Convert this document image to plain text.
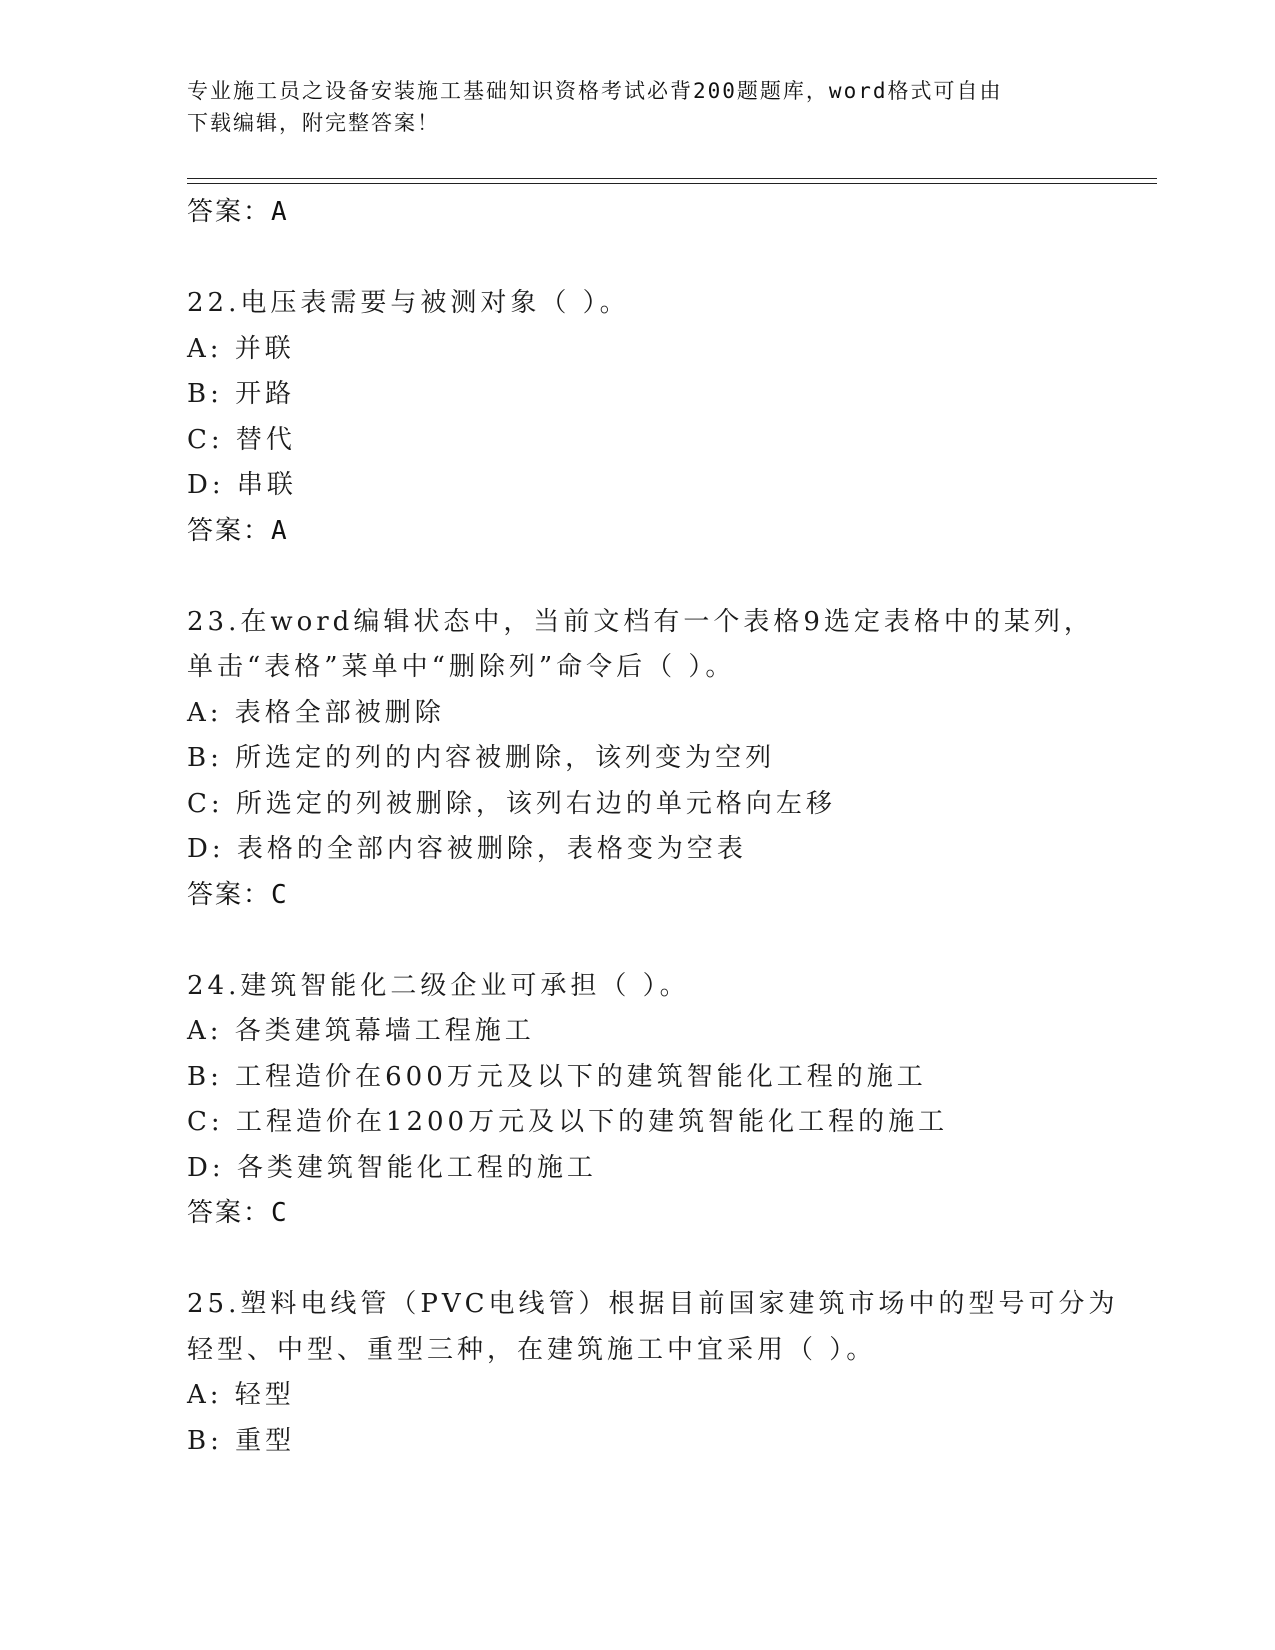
专业施工员之设备安装施工基础知识资格考试必背200题题库，word格式可自由
下载编辑，附完整答案！
答案：A
22.电压表需要与被测对象（ ）。
A: 并联
B: 开路
C: 替代
D: 串联
答案：A
23.在word编辑状态中，当前文档有一个表格9选定表格中的某列，
单击“表格”菜单中“删除列”命令后（ ）。
A: 表格全部被删除
B: 所选定的列的内容被删除，该列变为空列
C: 所选定的列被删除，该列右边的单元格向左移
D: 表格的全部内容被删除，表格变为空表
答案：C
24.建筑智能化二级企业可承担（ ）。
A: 各类建筑幕墙工程施工
B: 工程造价在600万元及以下的建筑智能化工程的施工
C: 工程造价在1200万元及以下的建筑智能化工程的施工
D: 各类建筑智能化工程的施工
答案：C
25.塑料电线管（PVC电线管）根据目前国家建筑市场中的型号可分为
轻型、中型、重型三种，在建筑施工中宜采用（ ）。
A: 轻型
B: 重型
